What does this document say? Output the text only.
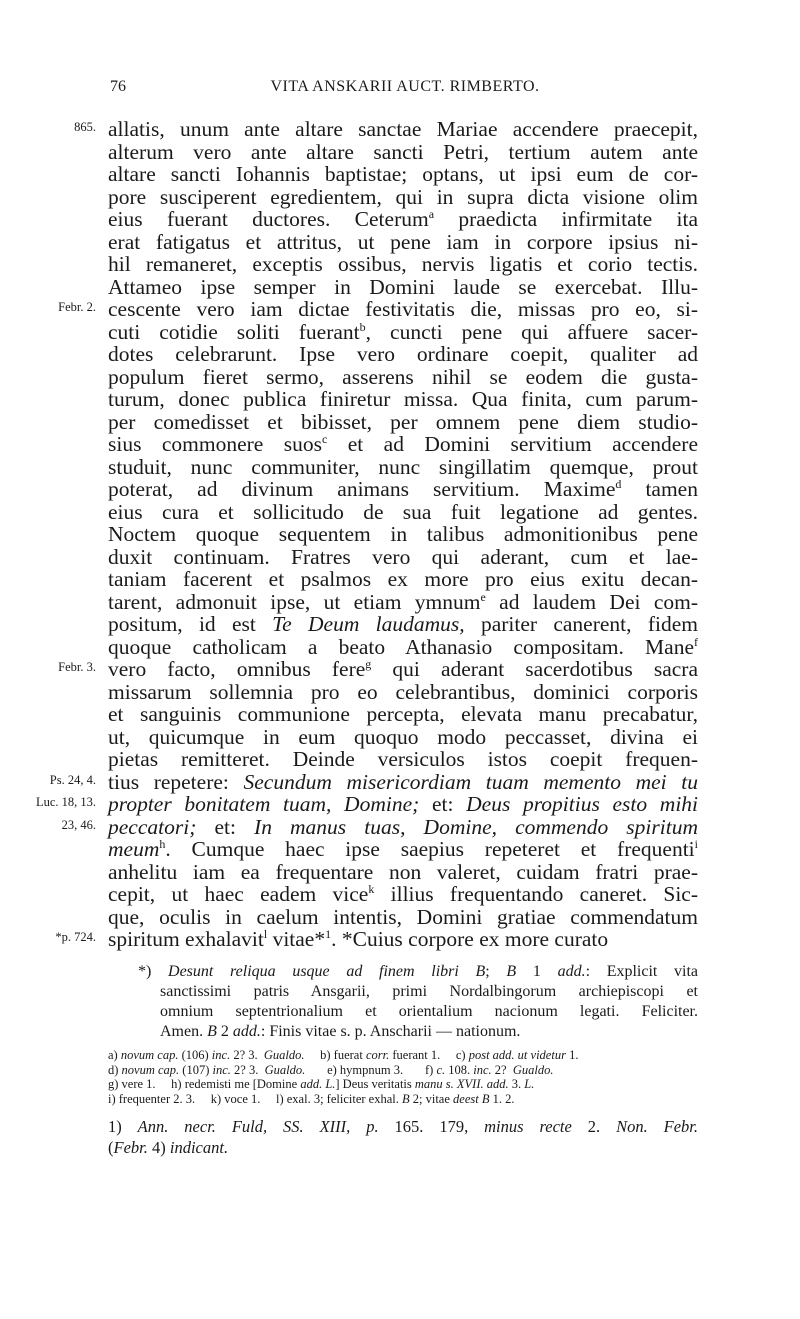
76	VITA ANSKARII AUCT. RIMBERTO.
865. allatis, unum ante altare sanctae Mariae accendere praecepit,
alterum vero ante altare sancti Petri, tertium autem ante
altare sancti Iohannis baptistae; optans, ut ipsi eum de cor-
pore susciperent egredientem, qui in supra dicta visione olim
eius fuerant ductores. Ceterum$^a$ praedicta infirmitate ita
erat fatigatus et attritus, ut pene iam in corpore ipsius ni-
hil remaneret, exceptis ossibus, nervis ligatis et corio tectis.
Attameo ipse semper in Domini laude se exercebat. Illu-
Febr. 2. cescente vero iam dictae festivitatis die, missas pro eo, si-
cuti cotidie soliti fuerant$^b$, cuncti pene qui affuere sacer-
dotes celebrarunt. Ipse vero ordinare coepit, qualiter ad
populum fieret sermo, asserens nihil se eodem die gusta-
turum, donec publica finiretur missa. Qua finita, cum parum-
per comedisset et bibisset, per omnem pene diem studio-
sius commonere suos$^c$ et ad Domini servitium accendere
studuit, nunc communiter, nunc singillatim quemque, prout
poterat, ad divinum animans servitium. Maxime$^d$ tamen
eius cura et sollicitudo de sua fuit legatione ad gentes.
Noctem quoque sequentem in talibus admonitionibus pene
duxit continuam. Fratres vero qui aderant, cum et lae-
taniam facerent et psalmos ex more pro eius exitu decan-
tarent, admonuit ipse, ut etiam ymnum$^e$ ad laudem Dei com-
positum, id est Te Deum laudamus, pariter canerent, fidem
quoque catholicam a beato Athanasio compositam. Mane$^f$
Febr. 3. vero facto, omnibus fere$^g$ qui aderant sacerdotibus sacra
missarum sollemnia pro eo celebrantibus, dominici corporis
et sanguinis communione percepta, elevata manu precabatur,
ut, quicumque in eum quoquo modo peccasset, divina ei
pietas remitteret. Deinde versiculos istos coepit frequen-
Ps. 24, 4. tius repetere: Secundum misericordiam tuam memento mei tu
Luc. 18, 13. propter bonitatem tuam, Domine; et: Deus propitius esto mihi
23, 46. peccatori; et: In manus tuas, Domine, commendo spiritum
meum$^h$. Cumque haec ipse saepius repeteret et frequenti$^i$
anhelitu iam ea frequentare non valeret, cuidam fratri prae-
cepit, ut haec eadem vice$^k$ illius frequentando caneret. Sic-
que, oculis in caelum intentis, Domini gratiae commendatum
*p. 724. spiritum exhalavit$^l$ vitae*$^1$. *Cuius corpore ex more curato
*) Desunt reliqua usque ad finem libri B; B 1 add.: Explicit vita
sanctissimi patris Ansgarii, primi Nordalbingorum archiepiscopi et
omnium septentrionalium et orientalium nacionum legati. Feliciter.
Amen. B 2 add.: Finis vitae s. p. Anscharii — nationum.
a) novum cap. (106) inc. 2? 3.  Gualdo.     b) fuerat corr. fuerant 1.     c) post add. ut videtur 1.
d) novum cap. (107) inc. 2? 3.  Gualdo.       e) hympnum 3.       f) c. 108. inc. 2?  Gualdo.
g) vere 1.     h) redemisti me [Domine add. L.] Deus veritatis manu s. XVII. add. 3. L.
i) frequenter 2. 3.     k) voce 1.     l) exal. 3; feliciter exhal. B 2; vitae deest B 1. 2.
1) Ann. necr. Fuld, SS. XIII, p. 165. 179, minus recte 2. Non. Febr.
(Febr. 4) indicant.
